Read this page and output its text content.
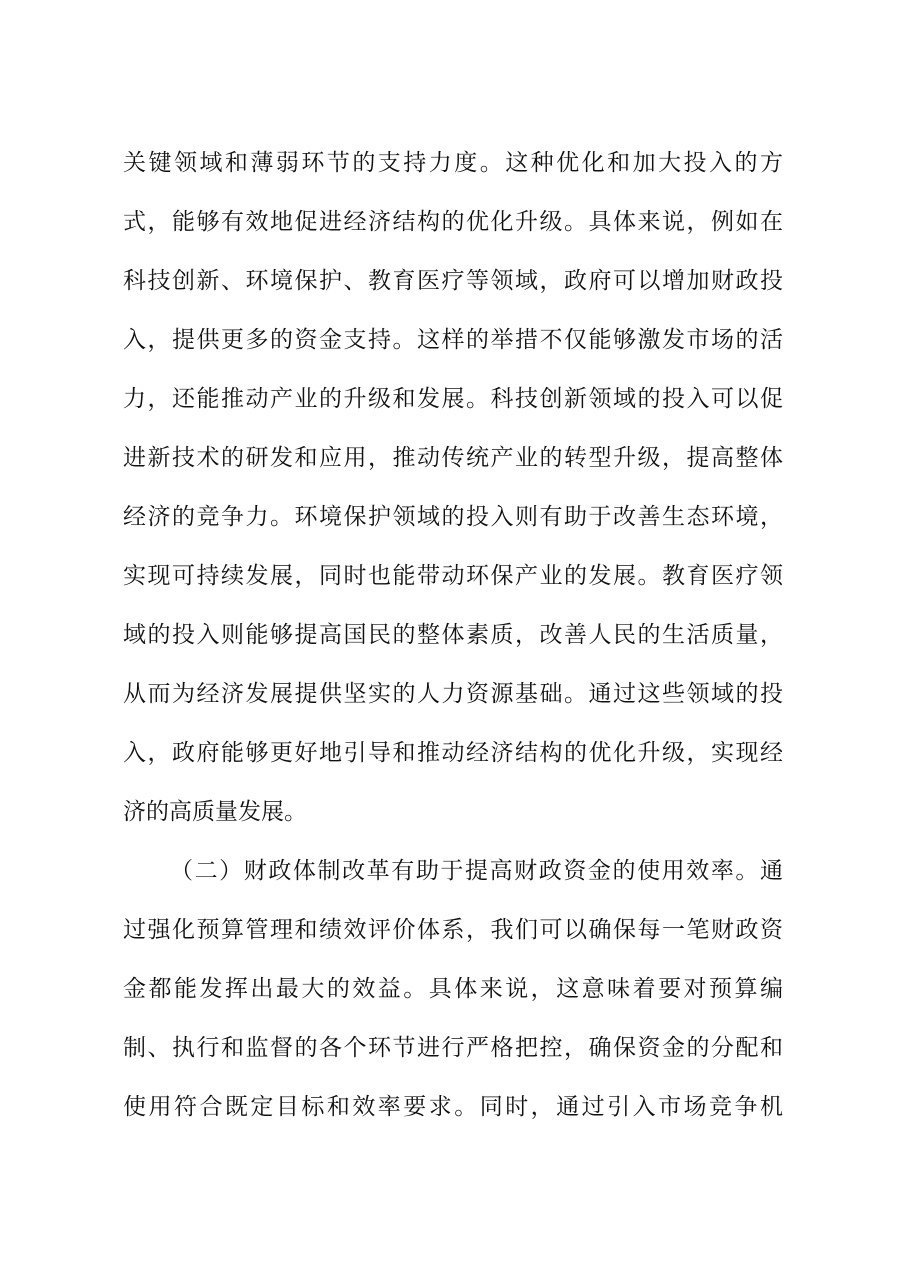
关键领域和薄弱环节的支持力度。这种优化和加大投入的方
式，能够有效地促进经济结构的优化升级。具体来说，例如在
科技创新、环境保护、教育医疗等领域，政府可以增加财政投
入，提供更多的资金支持。这样的举措不仅能够激发市场的活
力，还能推动产业的升级和发展。科技创新领域的投入可以促
进新技术的研发和应用，推动传统产业的转型升级，提高整体
经济的竞争力。环境保护领域的投入则有助于改善生态环境，
实现可持续发展，同时也能带动环保产业的发展。教育医疗领
域的投入则能够提高国民的整体素质，改善人民的生活质量，
从而为经济发展提供坚实的人力资源基础。通过这些领域的投
入，政府能够更好地引导和推动经济结构的优化升级，实现经
济的高质量发展。
（二）财政体制改革有助于提高财政资金的使用效率。通
过强化预算管理和绩效评价体系，我们可以确保每一笔财政资
金都能发挥出最大的效益。具体来说，这意味着要对预算编
制、执行和监督的各个环节进行严格把控，确保资金的分配和
使用符合既定目标和效率要求。同时，通过引入市场竞争机
